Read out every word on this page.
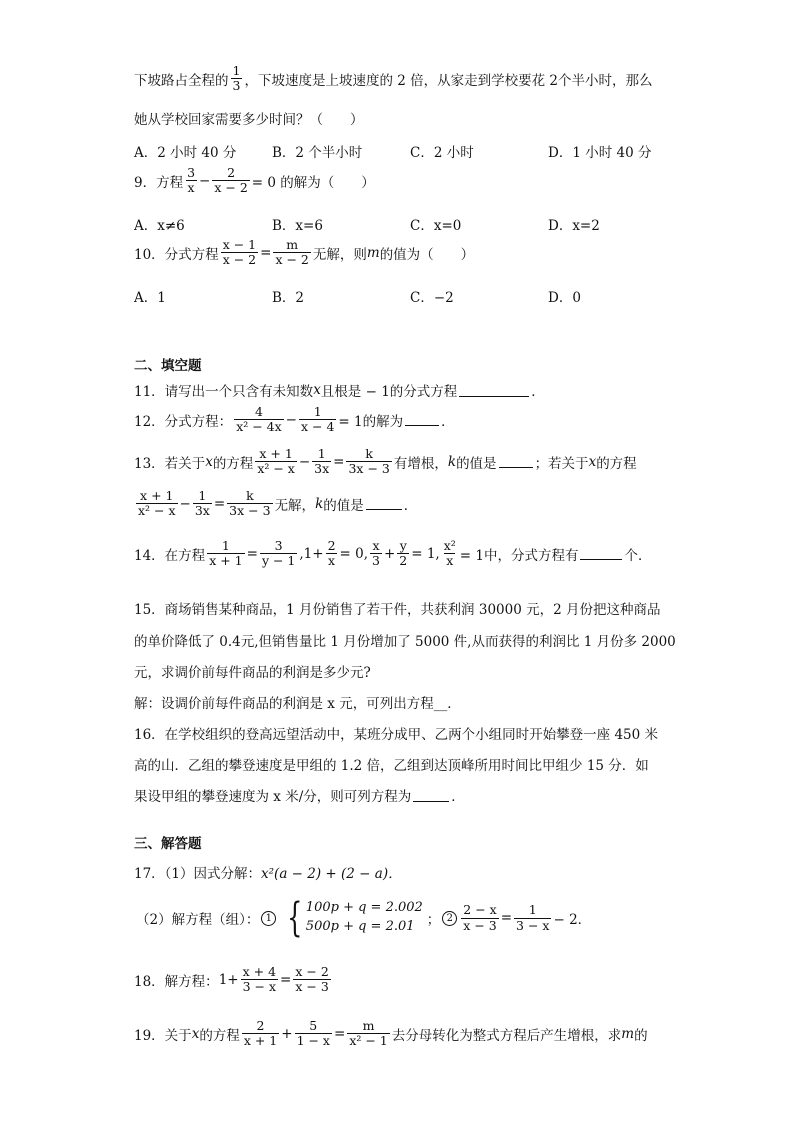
下坡路占全程的 $\frac{1}{3}$ ，下坡速度是上坡速度的 2 倍，从家走到学校要花 2个半小时，那么
她从学校回家需要多少时间？（　　）
A．2 小时 40 分	B．2 个半小时	C．2 小时	D．1 小时 40 分
9．方程 $\frac{3}{x} - \frac{2}{x - 2} = 0$ 的解为（　　）
A．x≠6	B．x=6	C．x=0	D．x=2
10．分式方程 $\frac{x - 1}{x - 2} = \frac{m}{x - 2}$ 无解，则 m 的值为（　　）
A．1	B．2	C．−2	D．0
二、填空题
11．请写出一个只含有未知数 x 且根是 − 1的分式方程	．
12．分式方程： $\frac{4}{\text{x² − 4x}} - \frac{1}{x - 4} = 1$的解为	．
13．若关于 x 的方程 $\frac{x + 1}{\text{x² − x}} - \frac{1}{3x} = \frac{k}{3x - 3}$ 有增根， k 的值是	；若关于 x 的方程
$\frac{x + 1}{\text{x² − x}} - \frac{1}{3x} = \frac{k}{3x - 3}$ 无解， k 的值是	．
14．在方程 $\frac{1}{x + 1} = \frac{3}{y - 1} ,1+ \frac{2}{x} = 0$, $\frac{x}{3} + \frac{y}{2} = 1$, $\frac{\text{x²}}{x} = 1$中，分式方程有	个．
15．商场销售某种商品，1 月份销售了若干件，共获利润 30000 元，2 月份把这种商品
的单价降低了 0.4元,但销售量比 1 月份增加了 5000 件,从而获得的利润比 1 月份多 2000
元，求调价前每件商品的利润是多少元?
解：设调价前每件商品的利润是 x 元，可列出方程__．
16．在学校组织的登高远望活动中，某班分成甲、乙两个小组同时开始攀登一座 450 米
高的山．乙组的攀登速度是甲组的 1.2 倍，乙组到达顶峰所用时间比甲组少 15 分．如
果设甲组的攀登速度为 x 米/分，则可列方程为	．
三、解答题
17．（1）因式分解： x²(a − 2) + (2 − a)．
（2）解方程（组）： 1 { 100p + q = 2.002
500p + q = 2.01 ； $2 \frac{2 - x}{x - 3} = \frac{1}{3 - x} - 2$．
18．解方程： $1+ \frac{x + 4}{3 - x} = \frac{x - 2}{x - 3}$
19．关于 x 的方程 $\frac{2}{x + 1} + \frac{5}{1 - x} = \frac{m}{\text{x² − 1}}$ 去分母转化为整式方程后产生增根，求 m 的
